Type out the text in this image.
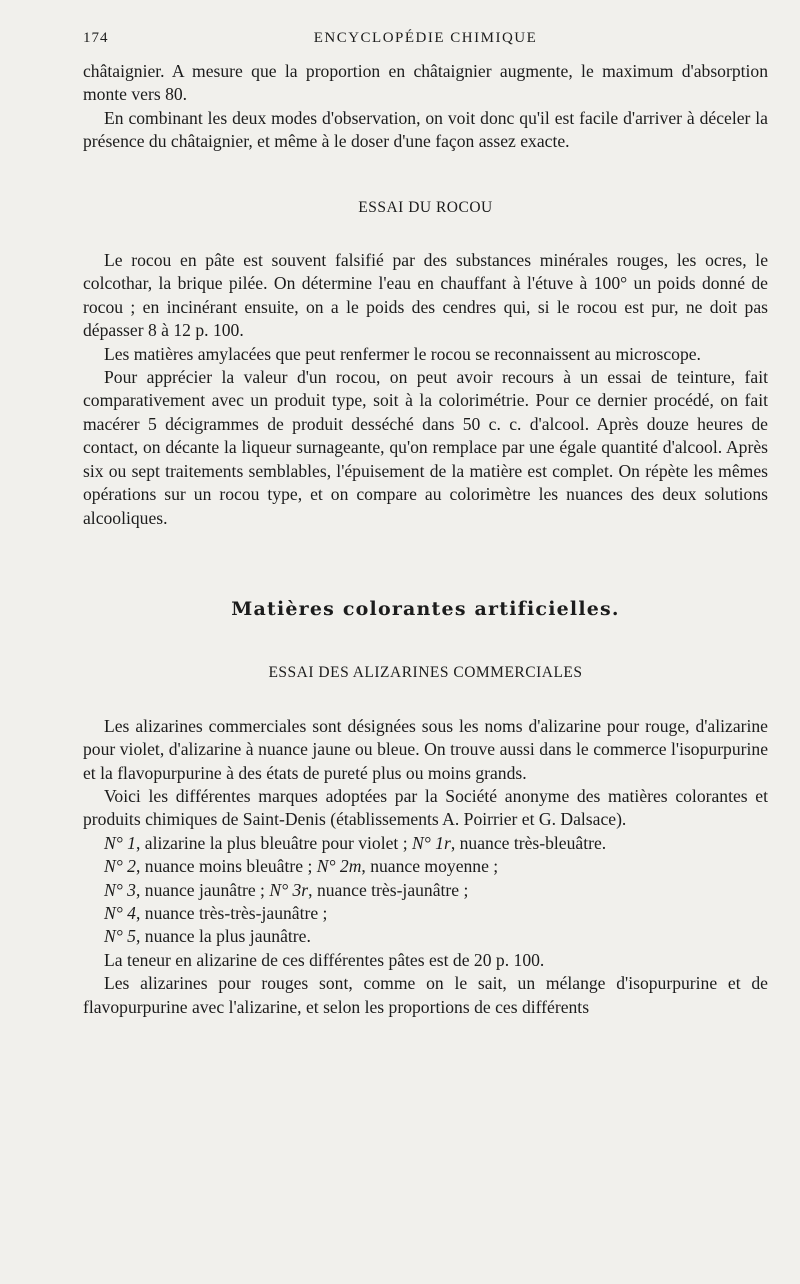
174	ENCYCLOPÉDIE CHIMIQUE

châtaignier. A mesure que la proportion en châtaignier augmente, le maximum d'absorption monte vers 80.

En combinant les deux modes d'observation, on voit donc qu'il est facile d'arriver à déceler la présence du châtaignier, et même à le doser d'une façon assez exacte.

ESSAI DU ROCOU

Le rocou en pâte est souvent falsifié par des substances minérales rouges, les ocres, le colcothar, la brique pilée. On détermine l'eau en chauffant à l'étuve à 100° un poids donné de rocou ; en incinérant ensuite, on a le poids des cendres qui, si le rocou est pur, ne doit pas dépasser 8 à 12 p. 100.

Les matières amylacées que peut renfermer le rocou se reconnaissent au microscope.

Pour apprécier la valeur d'un rocou, on peut avoir recours à un essai de teinture, fait comparativement avec un produit type, soit à la colorimétrie. Pour ce dernier procédé, on fait macérer 5 décigrammes de produit desséché dans 50 c. c. d'alcool. Après douze heures de contact, on décante la liqueur surnageante, qu'on remplace par une égale quantité d'alcool. Après six ou sept traitements semblables, l'épuisement de la matière est complet. On répète les mêmes opérations sur un rocou type, et on compare au colorimètre les nuances des deux solutions alcooliques.

Matières colorantes artificielles.
ESSAI DES ALIZARINES COMMERCIALES

Les alizarines commerciales sont désignées sous les noms d'alizarine pour rouge, d'alizarine pour violet, d'alizarine à nuance jaune ou bleue. On trouve aussi dans le commerce l'isopurpurine et la flavopurpurine à des états de pureté plus ou moins grands.

Voici les différentes marques adoptées par la Société anonyme des matières colorantes et produits chimiques de Saint-Denis (établissements A. Poirrier et G. Dalsace).

N° 1, alizarine la plus bleuâtre pour violet ; N° 1r, nuance très-bleuâtre.

N° 2, nuance moins bleuâtre ; N° 2m, nuance moyenne ;

N° 3, nuance jaunâtre ; N° 3r, nuance très-jaunâtre ;

N° 4, nuance très-très-jaunâtre ;

N° 5, nuance la plus jaunâtre.

La teneur en alizarine de ces différentes pâtes est de 20 p. 100.

Les alizarines pour rouges sont, comme on le sait, un mélange d'isopurpurine et de flavopurpurine avec l'alizarine, et selon les proportions de ces différents
